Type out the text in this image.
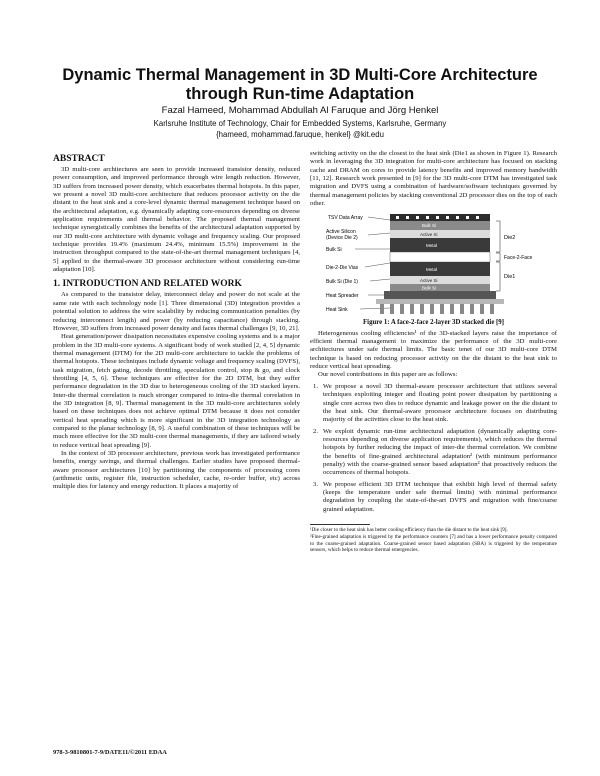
Dynamic Thermal Management in 3D Multi-Core Architecture
through Run-time Adaptation
Fazal Hameed, Mohammad Abdullah Al Faruque and Jörg Henkel
Karlsruhe Institute of Technology, Chair for Embedded Systems, Karlsruhe, Germany
{hameed, mohammad.faruque, henkel} @kit.edu
ABSTRACT

3D multi-core architectures are seen to provide increased transistor density, reduced power consumption, and improved performance through wire length reduction. However, 3D suffers from increased power density, which exacerbates thermal hotspots. In this paper, we present a novel 3D multi-core architecture that reduces processor activity on the die distant to the heat sink and a core-level dynamic thermal management technique based on the architectural adaptation, e.g. dynamically adapting core-resources depending on diverse application requirements and thermal behavior. The proposed thermal management technique synergistically combines the benefits of the architectural adaptation supported by our 3D multi-core architecture with dynamic voltage and frequency scaling. Our proposed technique provides 19.4% (maximum 24.4%, minimum 15.5%) improvement in the instruction throughput compared to the state-of-the-art thermal management techniques [4, 5] applied to the thermal-aware 3D processor architecture without considering run-time adaptation [10].

1. INTRODUCTION AND RELATED WORK

As compared to the transistor delay, interconnect delay and power do not scale at the same rate with each technology node [1]. Three dimensional (3D) integration provides a potential solution to address the wire scalability by reducing communication penalties (by reducing interconnect length) and power (by reducing capacitance) through stacking. However, 3D suffers from increased power density and faces thermal challenges [9, 10, 21].

Heat generation/power dissipation necessitates expensive cooling systems and is a major problem in the 3D multi-core systems. A significant body of work studied [2, 4, 5] dynamic thermal management (DTM) for the 2D multi-core architecture to tackle the problems of thermal hotspots. These techniques include dynamic voltage and frequency scaling (DVFS), task migration, fetch gating, decode throttling, speculation control, stop & go, and clock throttling [4, 5, 6]. These techniques are effective for the 2D DTM, but they suffer performance degradation in the 3D due to heterogeneous cooling of the 3D stacked layers. Inter-die thermal correlation is much stronger compared to intra-die thermal correlation in the 3D integration [8, 9]. Thermal management in the 3D multi-core architectures solely based on these techniques does not achieve optimal DTM because it does not consider vertical heat spreading which is more significant in the 3D integration technology as compared to the planar technology [8, 9]. A useful combination of these techniques will be much more effective for the 3D multi-core thermal managements, if they are tailored wisely to reduce vertical heat spreading [9].

In the context of 3D processor architecture, previous work has investigated performance benefits, energy savings, and thermal challenges. Earlier studies have proposed thermal-aware processor architectures [10] by partitioning the components of processing cores (arithmetic units, register file, instruction scheduler, cache, re-order buffer, etc) across multiple dies for latency and energy reduction. It places a majority of

switching activity on the die closest to the heat sink (Die1 as shown in Figure 1). Research work in leveraging the 3D integration for multi-core architecture has focused on stacking cache and DRAM on cores to provide latency benefits and improved memory bandwidth [11, 12]. Research work presented in [9] for the 3D multi-core DTM has investigated task migration and DVFS using a combination of hardware/software techniques governed by thermal management policies by stacking conventional 2D processor dies on the top of each other.

TSV Data Array
Active Silicon
(Device Die 2)
Bulk Si
Die-2-Die Vias
Bulk Si (Die 1)
Heat Spreader
Heat Sink
Bulk Si
Active Si
Metal
Metal
Active Si
Bulk Si
Die2
Face-2-Face
Die1

Figure 1: A face-2-face 2-layer 3D stacked die [9]

Heterogeneous cooling efficiencies¹ of the 3D-stacked layers raise the importance of efficient thermal management to maximize the performance of the 3D multi-core architectures under safe thermal limits. The basic tenet of our 3D multi-core DTM technique is based on reducing processor activity on the die distant to the heat sink to reduce vertical heat spreading.

Our novel contributions in this paper are as follows:

1. We propose a novel 3D thermal-aware processor architecture that utilizes several techniques exploiting integer and floating point power dissipation by partitioning a single core across two dies to reduce dynamic and leakage power on the die distant to the heat sink. Our thermal-aware processor architecture focuses on distributing majority of the activities close to the heat sink.
2. We exploit dynamic run-time architectural adaptation (dynamically adapting core-resources depending on diverse application requirements), which reduces the thermal hotspots by further reducing the impact of inter-die thermal correlation. We combine the benefits of fine-grained architectural adaptation² (with minimum performance penalty) with the coarse-grained sensor based adaptation² that proactively reduces the occurrences of thermal hotspots.
3. We propose efficient 3D DTM technique that exhibit high level of thermal safety (keeps the temperature under safe thermal limits) with minimal performance degradation by coupling the state-of-the-art DVFS and migration with fine/coarse grained adaptation.

¹Die closer to the heat sink has better cooling efficiency than the die distant to the heat sink [9].

²Fine-grained adaptation is triggered by the performance counters [7] and has a lower performance penalty compared to the coarse-grained adaptation. Coarse-grained sensor based adaptation (SBA) is triggered by the temperature sensors, which helps to reduce thermal emergencies.

978-3-9810801-7-9/DATE11/©2011 EDAA
